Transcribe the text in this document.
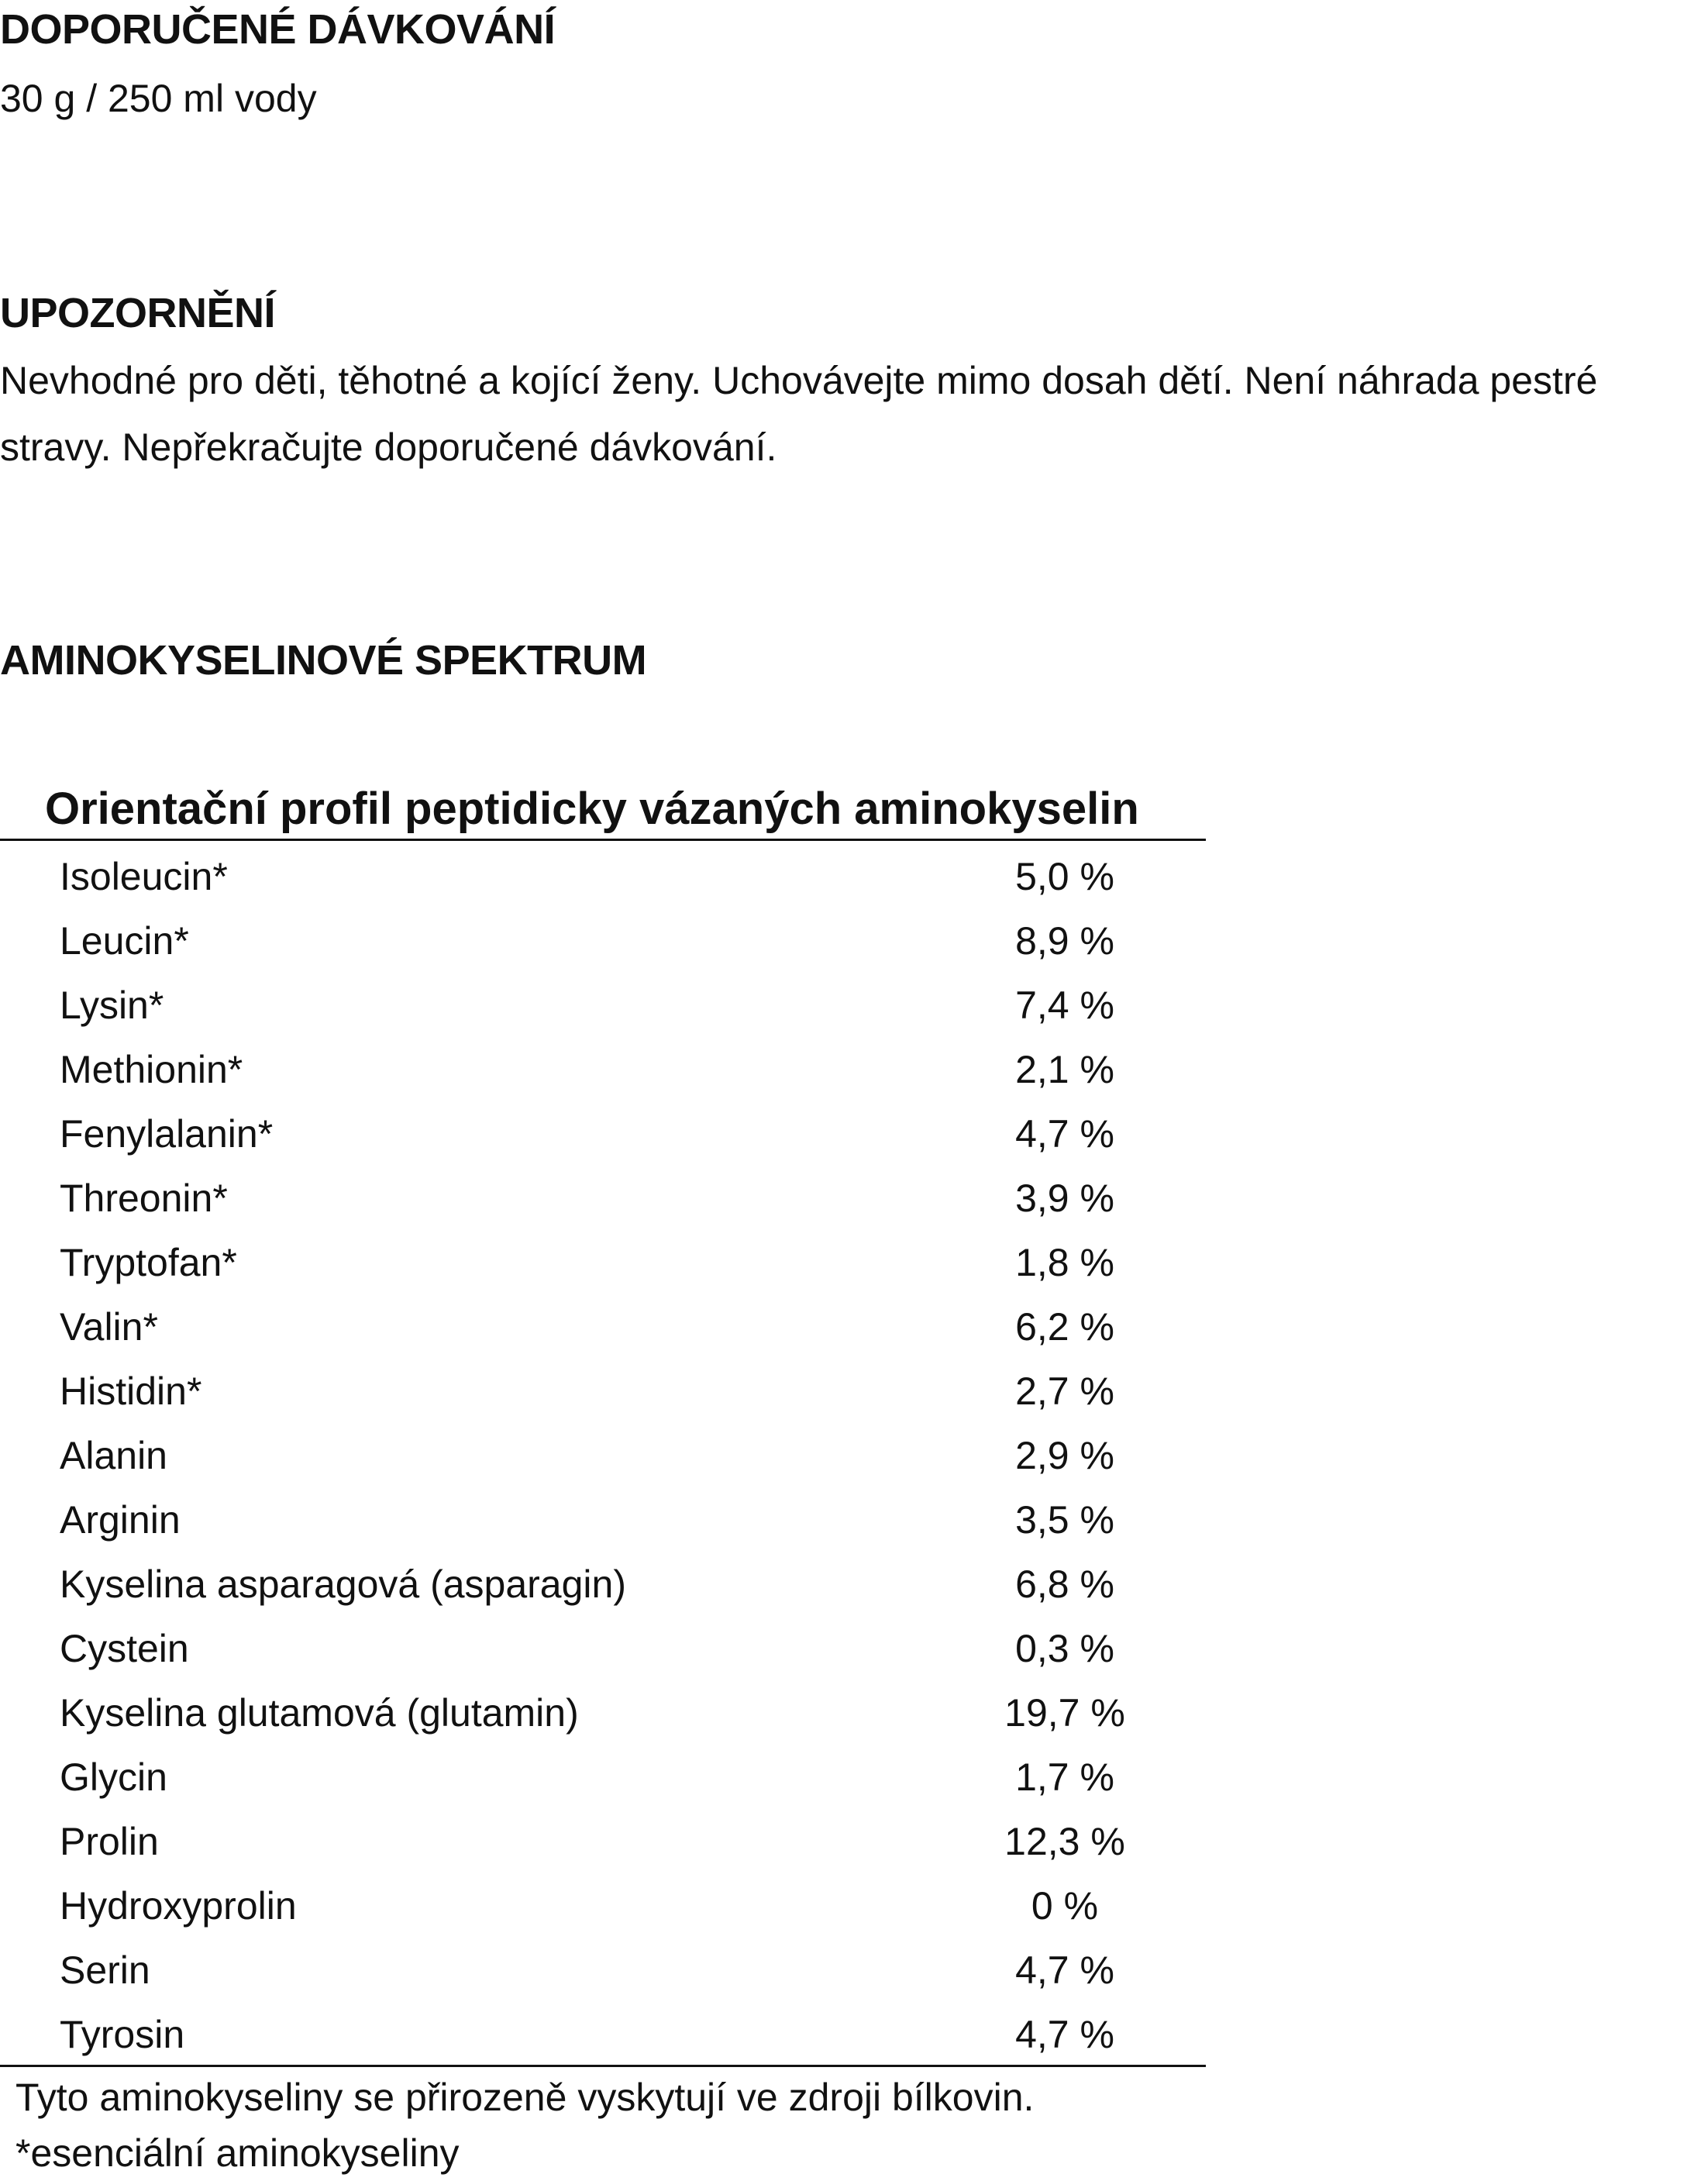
DOPORUČENÉ DÁVKOVÁNÍ

30 g / 250 ml vody

UPOZORNĚNÍ

Nevhodné pro děti, těhotné a kojící ženy. Uchovávejte mimo dosah dětí. Není náhrada pestré

stravy. Nepřekračujte doporučené dávkování.

AMINOKYSELINOVÉ SPEKTRUM

Orientační profil peptidicky vázaných aminokyselin

Isoleucin*	5,0 %
Leucin*	8,9 %
Lysin*	7,4 %
Methionin*	2,1 %
Fenylalanin*	4,7 %
Threonin*	3,9 %
Tryptofan*	1,8 %
Valin*	6,2 %
Histidin*	2,7 %
Alanin	2,9 %
Arginin	3,5 %
Kyselina asparagová (asparagin)	6,8 %
Cystein	0,3 %
Kyselina glutamová (glutamin)	19,7 %
Glycin	1,7 %
Prolin	12,3 %
Hydroxyprolin	0 %
Serin	4,7 %
Tyrosin	4,7 %

Tyto aminokyseliny se přirozeně vyskytují ve zdroji bílkovin.

*esenciální aminokyseliny
